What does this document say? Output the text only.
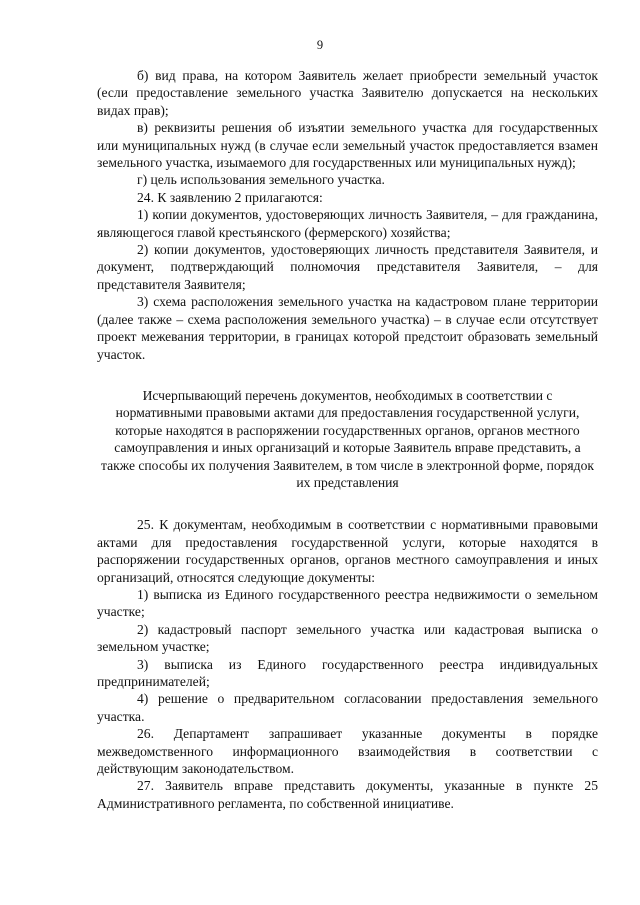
9

б) вид права, на котором Заявитель желает приобрести земельный участок (если предоставление земельного участка Заявителю допускается на нескольких видах прав);

в) реквизиты решения об изъятии земельного участка для государственных или муниципальных нужд (в случае если земельный участок предоставляется взамен земельного участка, изымаемого для государственных или муниципальных нужд);

г) цель использования земельного участка.

24. К заявлению 2 прилагаются:

1) копии документов, удостоверяющих личность Заявителя, – для гражданина, являющегося главой крестьянского (фермерского) хозяйства;

2) копии документов, удостоверяющих личность представителя Заявителя, и документ, подтверждающий полномочия представителя Заявителя, – для представителя Заявителя;

3) схема расположения земельного участка на кадастровом плане территории (далее также – схема расположения земельного участка) – в случае если отсутствует проект межевания территории, в границах которой предстоит образовать земельный участок.

Исчерпывающий перечень документов, необходимых в соответствии с нормативными правовыми актами для предоставления государственной услуги, которые находятся в распоряжении государственных органов, органов местного самоуправления и иных организаций и которые Заявитель вправе представить, а также способы их получения Заявителем, в том числе в электронной форме, порядок их представления

25. К документам, необходимым в соответствии с нормативными правовыми актами для предоставления государственной услуги, которые находятся в распоряжении государственных органов, органов местного самоуправления и иных организаций, относятся следующие документы:

1) выписка из Единого государственного реестра недвижимости о земельном участке;

2) кадастровый паспорт земельного участка или кадастровая выписка о земельном участке;

3) выписка из Единого государственного реестра индивидуальных предпринимателей;

4) решение о предварительном согласовании предоставления земельного участка.

26. Департамент запрашивает указанные документы в порядке межведомственного информационного взаимодействия в соответствии с действующим законодательством.

27. Заявитель вправе представить документы, указанные в пункте 25 Административного регламента, по собственной инициативе.
